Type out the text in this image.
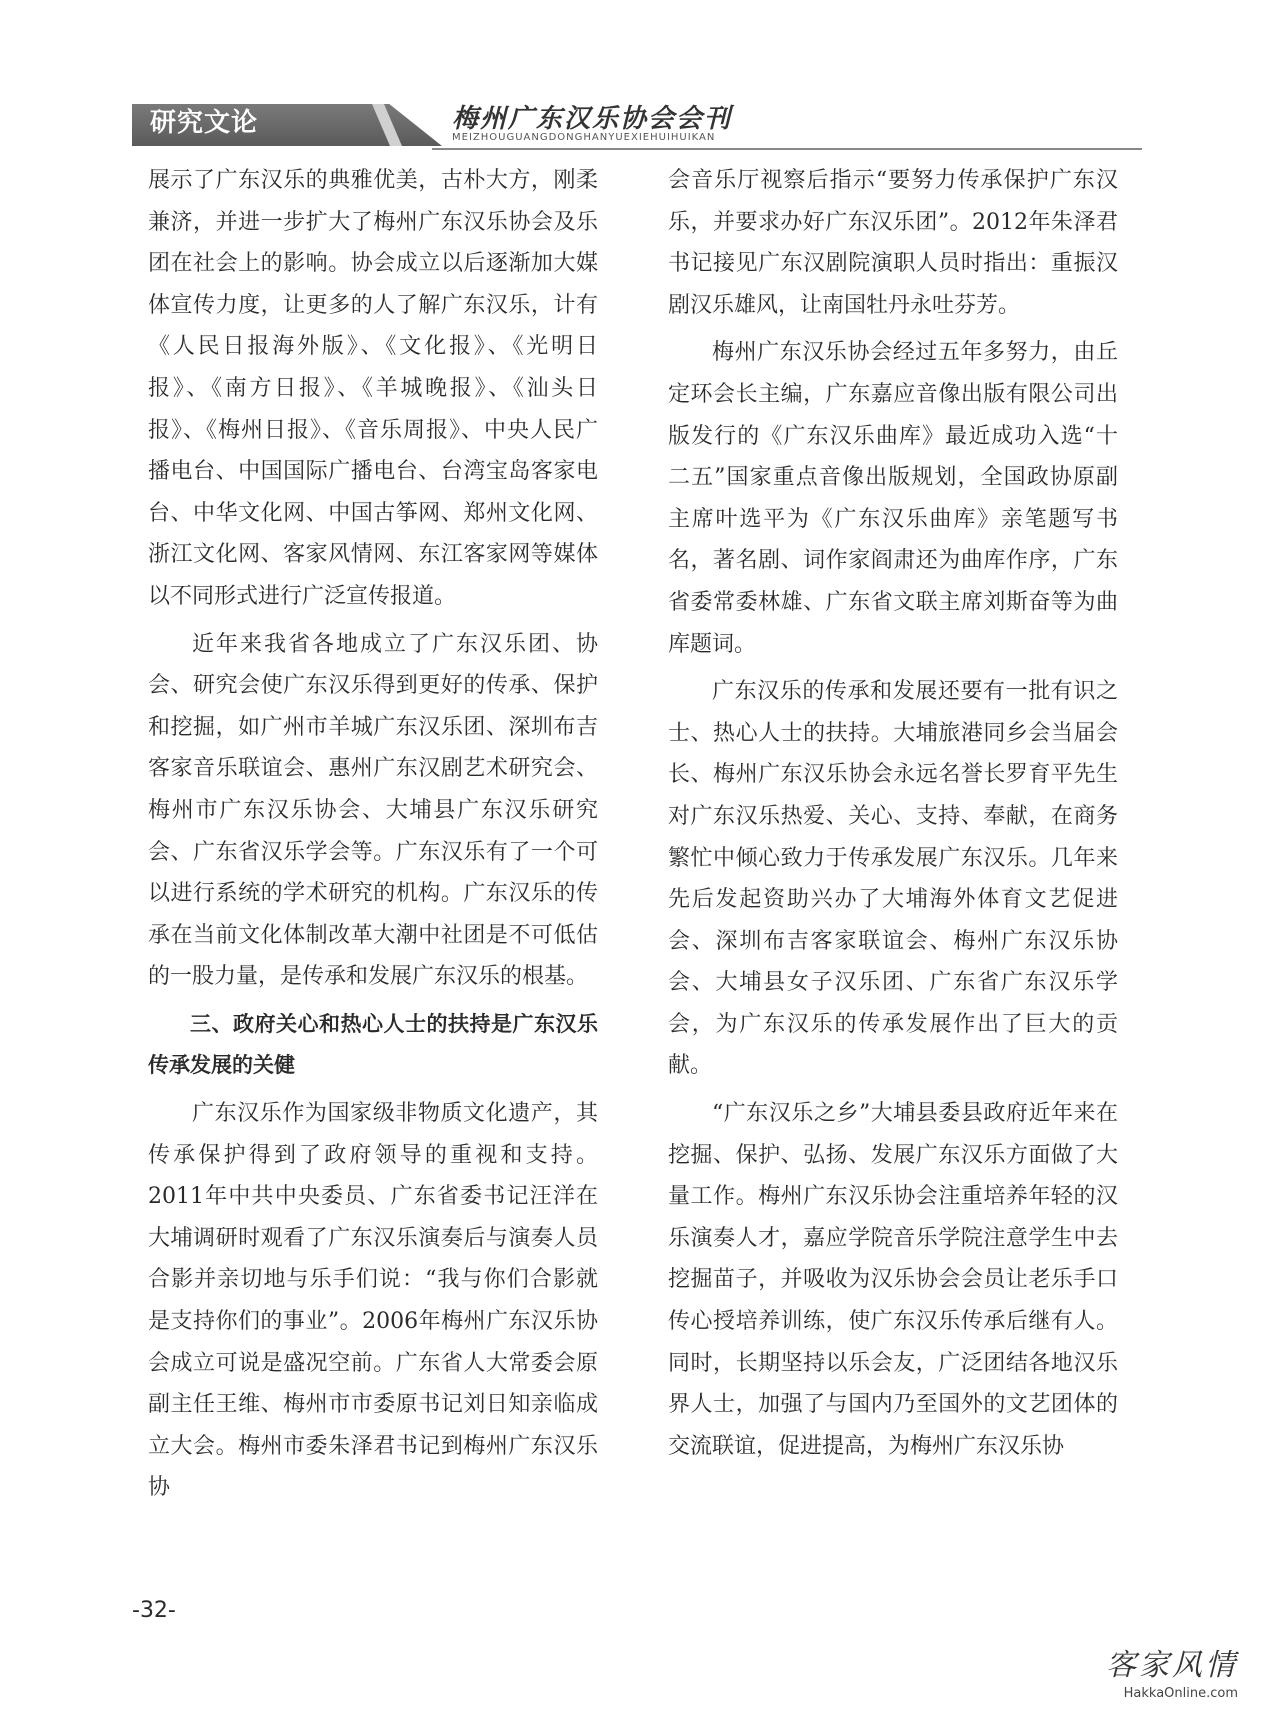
研究文论	梅州广东汉乐协会会刊
MEIZHOUGUANGDONGHANYUEXIEHUIHUIKAN

展示了广东汉乐的典雅优美，古朴大方，刚柔兼济，并进一步扩大了梅州广东汉乐协会及乐团在社会上的影响。协会成立以后逐渐加大媒体宣传力度，让更多的人了解广东汉乐，计有《人民日报海外版》、《文化报》、《光明日报》、《南方日报》、《羊城晚报》、《汕头日报》、《梅州日报》、《音乐周报》、中央人民广播电台、中国国际广播电台、台湾宝岛客家电台、中华文化网、中国古筝网、郑州文化网、浙江文化网、客家风情网、东江客家网等媒体以不同形式进行广泛宣传报道。

近年来我省各地成立了广东汉乐团、协会、研究会使广东汉乐得到更好的传承、保护和挖掘，如广州市羊城广东汉乐团、深圳布吉客家音乐联谊会、惠州广东汉剧艺术研究会、梅州市广东汉乐协会、大埔县广东汉乐研究会、广东省汉乐学会等。广东汉乐有了一个可以进行系统的学术研究的机构。广东汉乐的传承在当前文化体制改革大潮中社团是不可低估的一股力量，是传承和发展广东汉乐的根基。

三、政府关心和热心人士的扶持是广东汉乐传承发展的关健

广东汉乐作为国家级非物质文化遗产，其传承保护得到了政府领导的重视和支持。2011年中共中央委员、广东省委书记汪洋在大埔调研时观看了广东汉乐演奏后与演奏人员合影并亲切地与乐手们说：“我与你们合影就是支持你们的事业”。2006年梅州广东汉乐协会成立可说是盛况空前。广东省人大常委会原副主任王维、梅州市市委原书记刘日知亲临成立大会。梅州市委朱泽君书记到梅州广东汉乐协

会音乐厅视察后指示“要努力传承保护广东汉乐，并要求办好广东汉乐团”。2012年朱泽君书记接见广东汉剧院演职人员时指出：重振汉剧汉乐雄风，让南国牡丹永吐芬芳。

梅州广东汉乐协会经过五年多努力，由丘定环会长主编，广东嘉应音像出版有限公司出版发行的《广东汉乐曲库》最近成功入选“十二五”国家重点音像出版规划，全国政协原副主席叶选平为《广东汉乐曲库》亲笔题写书名，著名剧、词作家阎肃还为曲库作序，广东省委常委林雄、广东省文联主席刘斯奋等为曲库题词。

广东汉乐的传承和发展还要有一批有识之士、热心人士的扶持。大埔旅港同乡会当届会长、梅州广东汉乐协会永远名誉长罗育平先生对广东汉乐热爱、关心、支持、奉献，在商务繁忙中倾心致力于传承发展广东汉乐。几年来先后发起资助兴办了大埔海外体育文艺促进会、深圳布吉客家联谊会、梅州广东汉乐协会、大埔县女子汉乐团、广东省广东汉乐学会，为广东汉乐的传承发展作出了巨大的贡献。

“广东汉乐之乡”大埔县委县政府近年来在挖掘、保护、弘扬、发展广东汉乐方面做了大量工作。梅州广东汉乐协会注重培养年轻的汉乐演奏人才，嘉应学院音乐学院注意学生中去挖掘苗子，并吸收为汉乐协会会员让老乐手口传心授培养训练，使广东汉乐传承后继有人。同时，长期坚持以乐会友，广泛团结各地汉乐界人士，加强了与国内乃至国外的文艺团体的交流联谊，促进提高，为梅州广东汉乐协

-32-
客家风情
HakkaOnline.com
